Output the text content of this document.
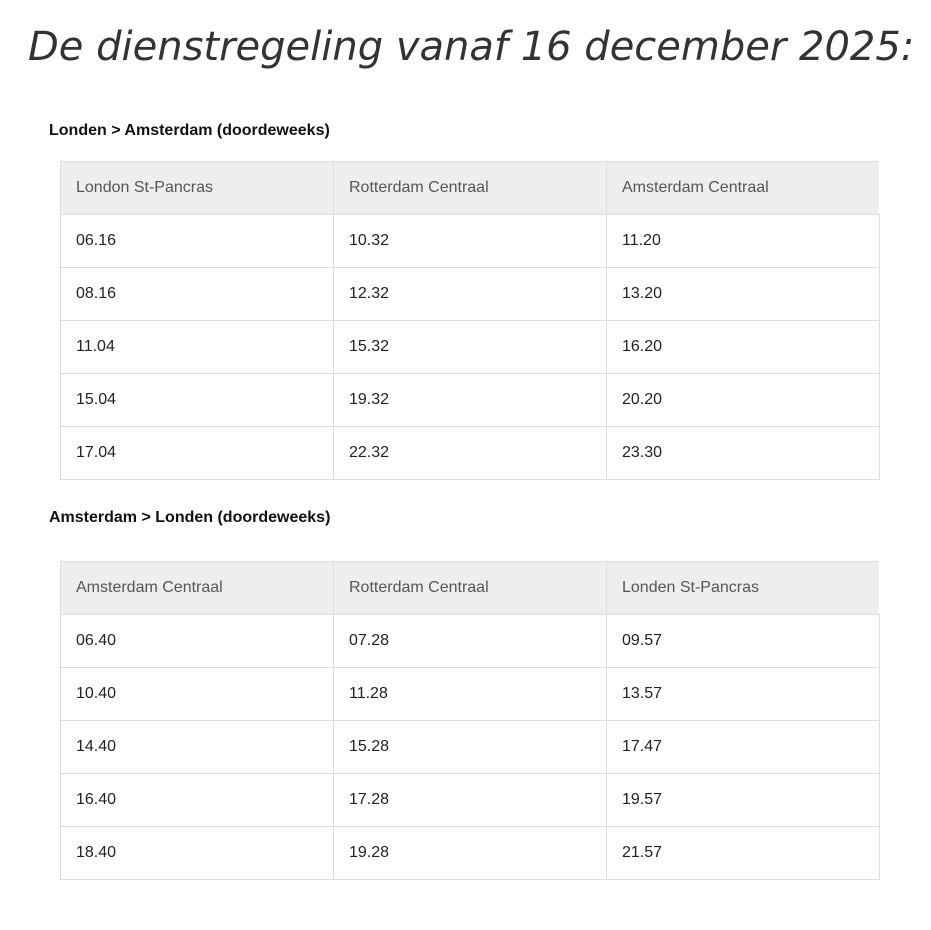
De dienstregeling vanaf 16 december 2025:
Londen > Amsterdam (doordeweeks)
London St-Pancras	Rotterdam Centraal	Amsterdam Centraal
06.16	10.32	11.20
08.16	12.32	13.20
11.04	15.32	16.20
15.04	19.32	20.20
17.04	22.32	23.30
Amsterdam > Londen (doordeweeks)
Amsterdam Centraal	Rotterdam Centraal	Londen St-Pancras
06.40	07.28	09.57
10.40	11.28	13.57
14.40	15.28	17.47
16.40	17.28	19.57
18.40	19.28	21.57
